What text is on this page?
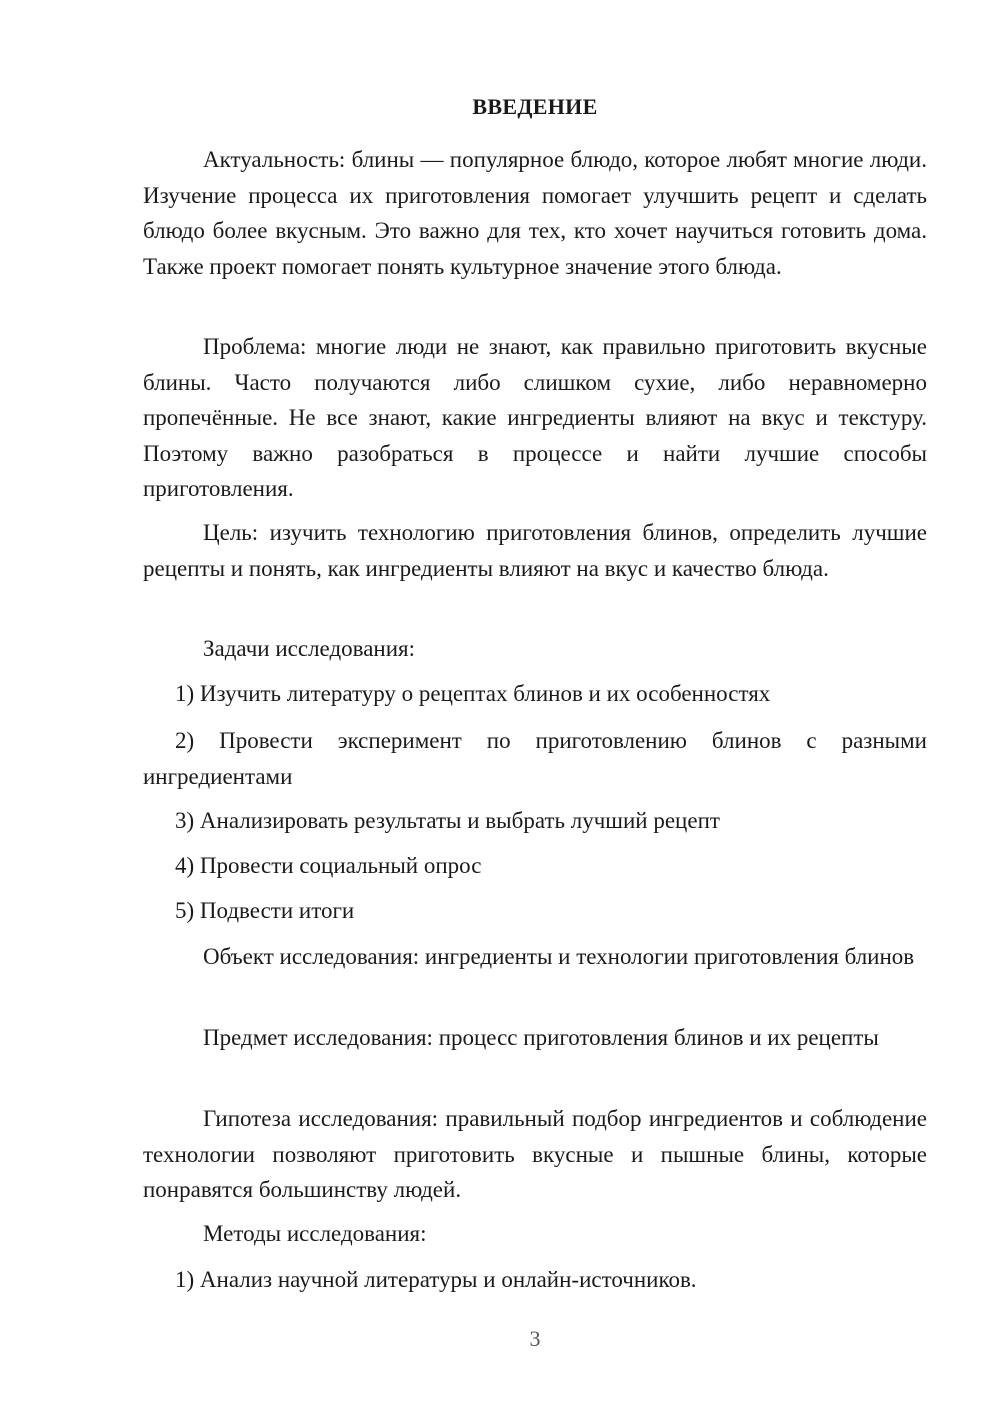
ВВЕДЕНИЕ

Актуальность: блины — популярное блюдо, которое любят многие люди. Изучение процесса их приготовления помогает улучшить рецепт и сделать блюдо более вкусным. Это важно для тех, кто хочет научиться готовить дома. Также проект помогает понять культурное значение этого блюда.

Проблема: многие люди не знают, как правильно приготовить вкусные блины. Часто получаются либо слишком сухие, либо неравномерно пропечённые. Не все знают, какие ингредиенты влияют на вкус и текстуру. Поэтому важно разобраться в процессе и найти лучшие способы приготовления.

Цель: изучить технологию приготовления блинов, определить лучшие рецепты и понять, как ингредиенты влияют на вкус и качество блюда.

Задачи исследования:

1) Изучить литературу о рецептах блинов и их особенностях

2) Провести эксперимент по приготовлению блинов с разными ингредиентами

3) Анализировать результаты и выбрать лучший рецепт

4) Провести социальный опрос

5) Подвести итоги

Объект исследования: ингредиенты и технологии приготовления блинов

Предмет исследования: процесс приготовления блинов и их рецепты

Гипотеза исследования: правильный подбор ингредиентов и соблюдение технологии позволяют приготовить вкусные и пышные блины, которые понравятся большинству людей.

Методы исследования:

1) Анализ научной литературы и онлайн-источников.

3
